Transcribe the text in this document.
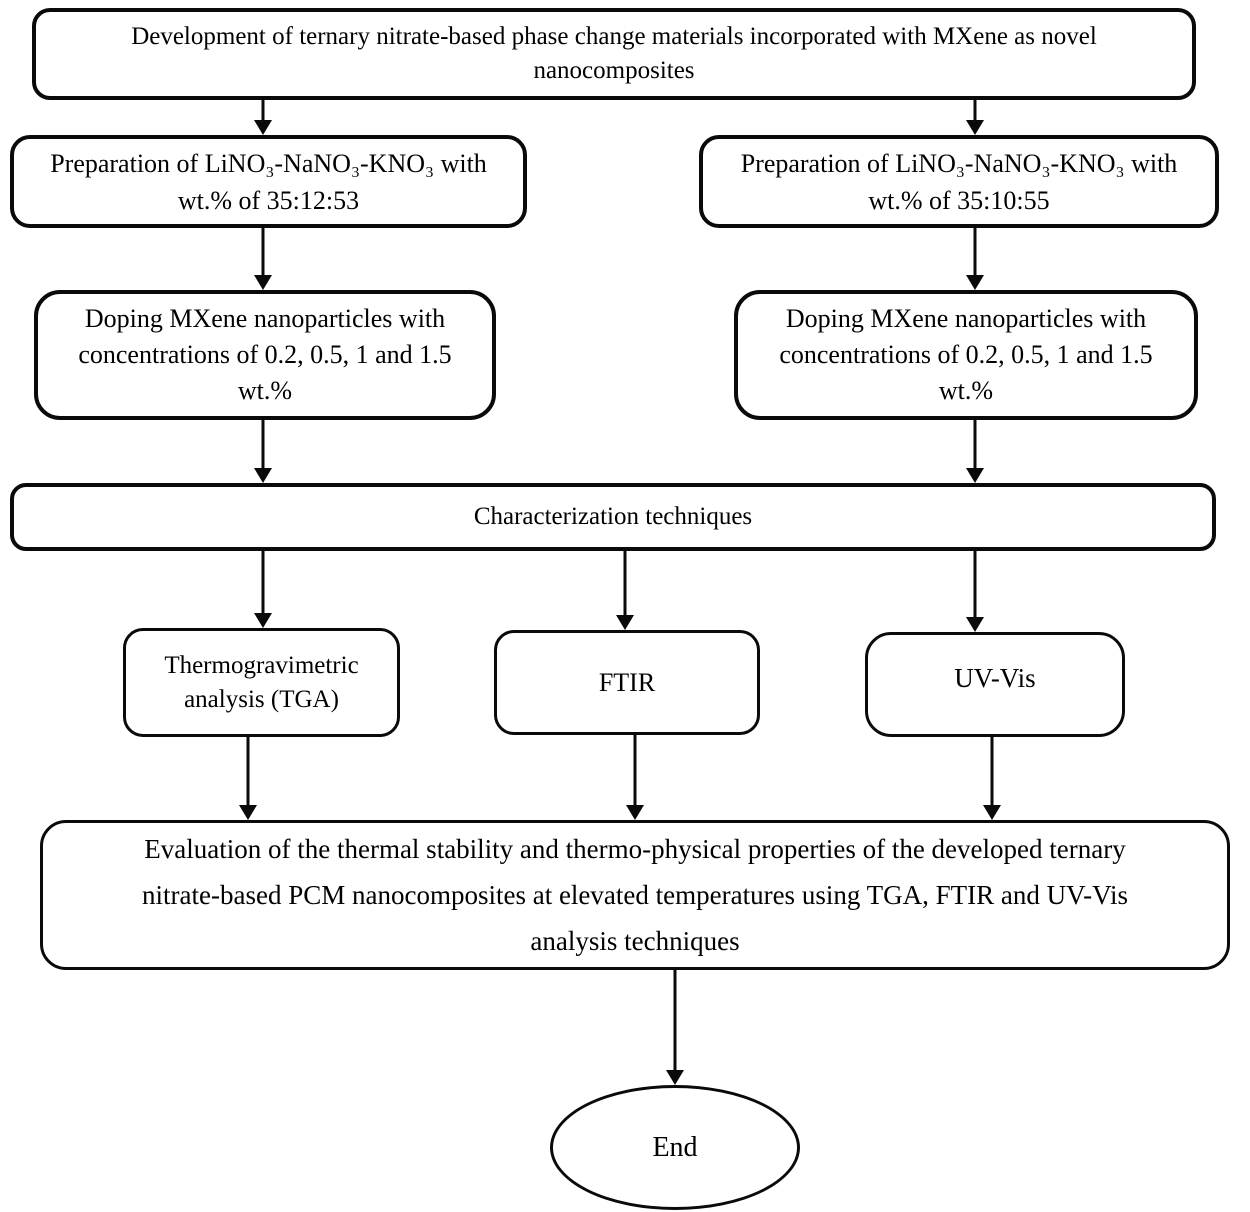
Development of ternary nitrate-based phase change materials incorporated with MXene as novel
nanocomposites
Preparation of LiNO₃-NaNO₃-KNO₃ with
wt.% of 35:12:53
Preparation of LiNO₃-NaNO₃-KNO₃ with
wt.% of 35:10:55
Doping MXene nanoparticles with
concentrations of 0.2, 0.5, 1 and 1.5
wt.%
Doping MXene nanoparticles with
concentrations of 0.2, 0.5, 1 and 1.5
wt.%
Characterization techniques
Thermogravimetric
analysis (TGA)
FTIR	UV-Vis
Evaluation of the thermal stability and thermo-physical properties of the developed ternary
nitrate-based PCM nanocomposites at elevated temperatures using TGA, FTIR and UV-Vis
analysis techniques
End
